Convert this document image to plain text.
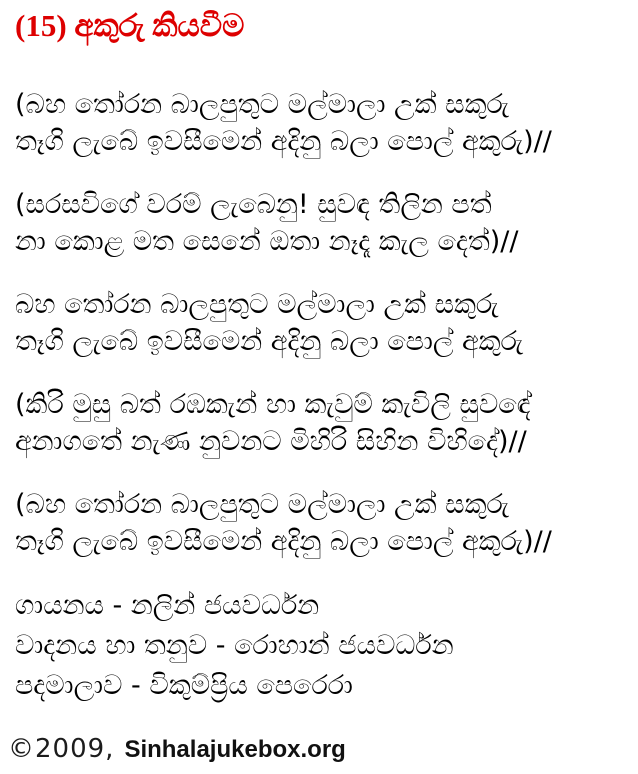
(15) අකුරු කියවීම
(බහ තෝරන බාලපුතුට මල්මාලා උක් සකුරු
තෑගි ලැබේ ඉවසීමෙන් අදිනු බලා පොල් අකුරු)//
(සරසවිගේ වරම් ලැබෙනු! සුවඳ තිලින පත්
නා කොළ මත සෙනේ ඔතා නෑදෑ කැල දෙත්)//
බහ තෝරන බාලපුතුට මල්මාලා උක් සකුරු
තෑගි ලැබේ ඉවසීමෙන් අදිනු බලා පොල් අකුරු
(කිරි මුසු බත් රඹකැන් හා කැවුම් කැවිලි සුවඳේ
අනාගතේ නැණ නුවනට මිහිරි සිහින විහිදේ)//
(බහ තෝරන බාලපුතුට මල්මාලා උක් සකුරු
තෑගි ලැබේ ඉවසීමෙන් අදිනු බලා පොල් අකුරු)//
ගායනය - නලින් ජයවර්ධන
වාදනය හා තනුව - රොහාන් ජයවර්ධන
පදමාලාව - විකුම්ප්‍රිය පෙරෙරා
©2009, Sinhalajukebox.org
